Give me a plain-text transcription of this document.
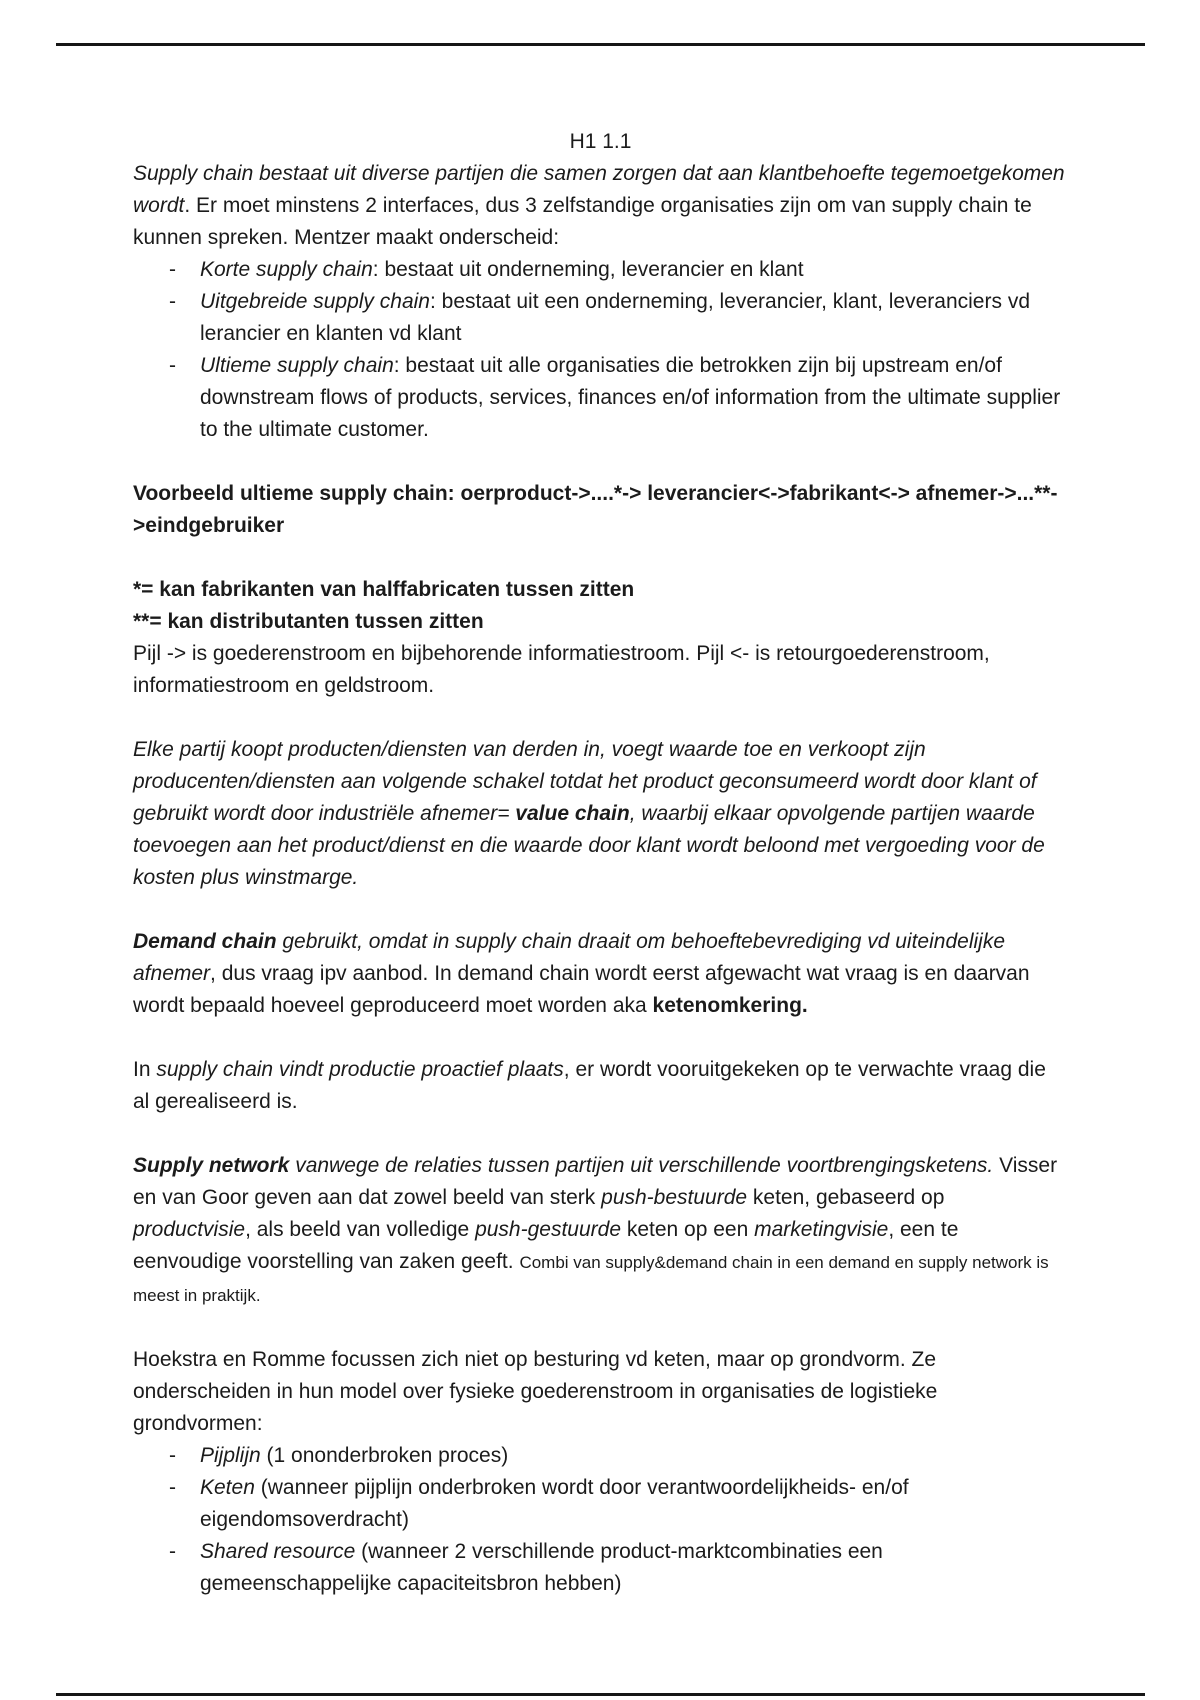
H1 1.1

Supply chain bestaat uit diverse partijen die samen zorgen dat aan klantbehoefte tegemoetgekomen wordt. Er moet minstens 2 interfaces, dus 3 zelfstandige organisaties zijn om van supply chain te kunnen spreken. Mentzer maakt onderscheid:

-	Korte supply chain: bestaat uit onderneming, leverancier en klant
-	Uitgebreide supply chain: bestaat uit een onderneming, leverancier, klant, leveranciers vd lerancier en klanten vd klant
-	Ultieme supply chain: bestaat uit alle organisaties die betrokken zijn bij upstream en/of downstream flows of products, services, finances en/of information from the ultimate supplier to the ultimate customer.

Voorbeeld ultieme supply chain: oerproduct->....*-> leverancier<->fabrikant<-> afnemer->...**->eindgebruiker

*= kan fabrikanten van halffabricaten tussen zitten

**= kan distributanten tussen zitten

Pijl -> is goederenstroom en bijbehorende informatiestroom. Pijl <- is retourgoederenstroom, informatiestroom en geldstroom.

Elke partij koopt producten/diensten van derden in, voegt waarde toe en verkoopt zijn producenten/diensten aan volgende schakel totdat het product geconsumeerd wordt door klant of gebruikt wordt door industriële afnemer= value chain, waarbij elkaar opvolgende partijen waarde toevoegen aan het product/dienst en die waarde door klant wordt beloond met vergoeding voor de kosten plus winstmarge.

Demand chain gebruikt, omdat in supply chain draait om behoeftebevrediging vd uiteindelijke afnemer, dus vraag ipv aanbod. In demand chain wordt eerst afgewacht wat vraag is en daarvan wordt bepaald hoeveel geproduceerd moet worden aka ketenomkering.

In supply chain vindt productie proactief plaats, er wordt vooruitgekeken op te verwachte vraag die al gerealiseerd is.

Supply network vanwege de relaties tussen partijen uit verschillende voortbrengingsketens. Visser en van Goor geven aan dat zowel beeld van sterk push-bestuurde keten, gebaseerd op productvisie, als beeld van volledige push-gestuurde keten op een marketingvisie, een te eenvoudige voorstelling van zaken geeft. Combi van supply&demand chain in een demand en supply network is meest in praktijk.

Hoekstra en Romme focussen zich niet op besturing vd keten, maar op grondvorm. Ze onderscheiden in hun model over fysieke goederenstroom in organisaties de logistieke grondvormen:

-	Pijplijn (1 ononderbroken proces)
-	Keten (wanneer pijplijn onderbroken wordt door verantwoordelijkheids- en/of eigendomsoverdracht)
-	Shared resource (wanneer 2 verschillende product-marktcombinaties een gemeenschappelijke capaciteitsbron hebben)
